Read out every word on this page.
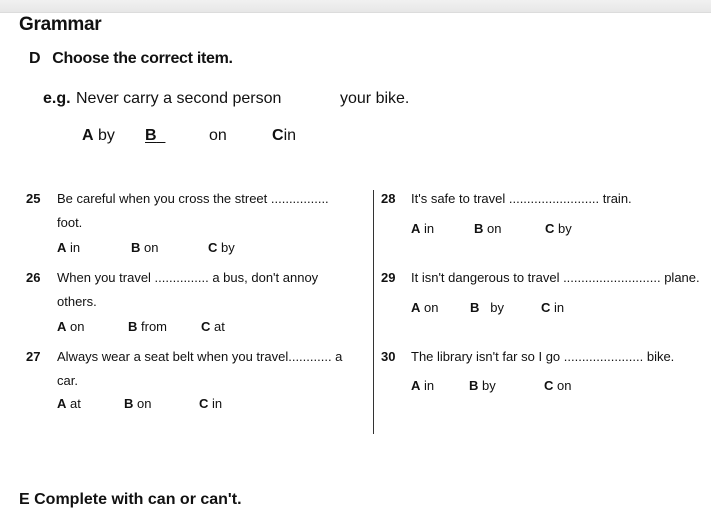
Grammar
D Choose the correct item.
e.g. Never carry a second person	your bike.
A by B	on	Cin
25 Be careful when you cross the street ................
foot.
A in	B on	C by
26 When you travel ............... a bus, don't annoy
others.
A on	B from	C at
27 Always wear a seat belt when you travel............ a
car.
A at	B on	C in
28 It's safe to travel ......................... train.
A in	B on	C by
29 It isn't dangerous to travel ........................... plane.
A on B by	C in
30 The library isn't far so I go ...................... bike.
A in	B by	C on
E Complete with can or can't.
